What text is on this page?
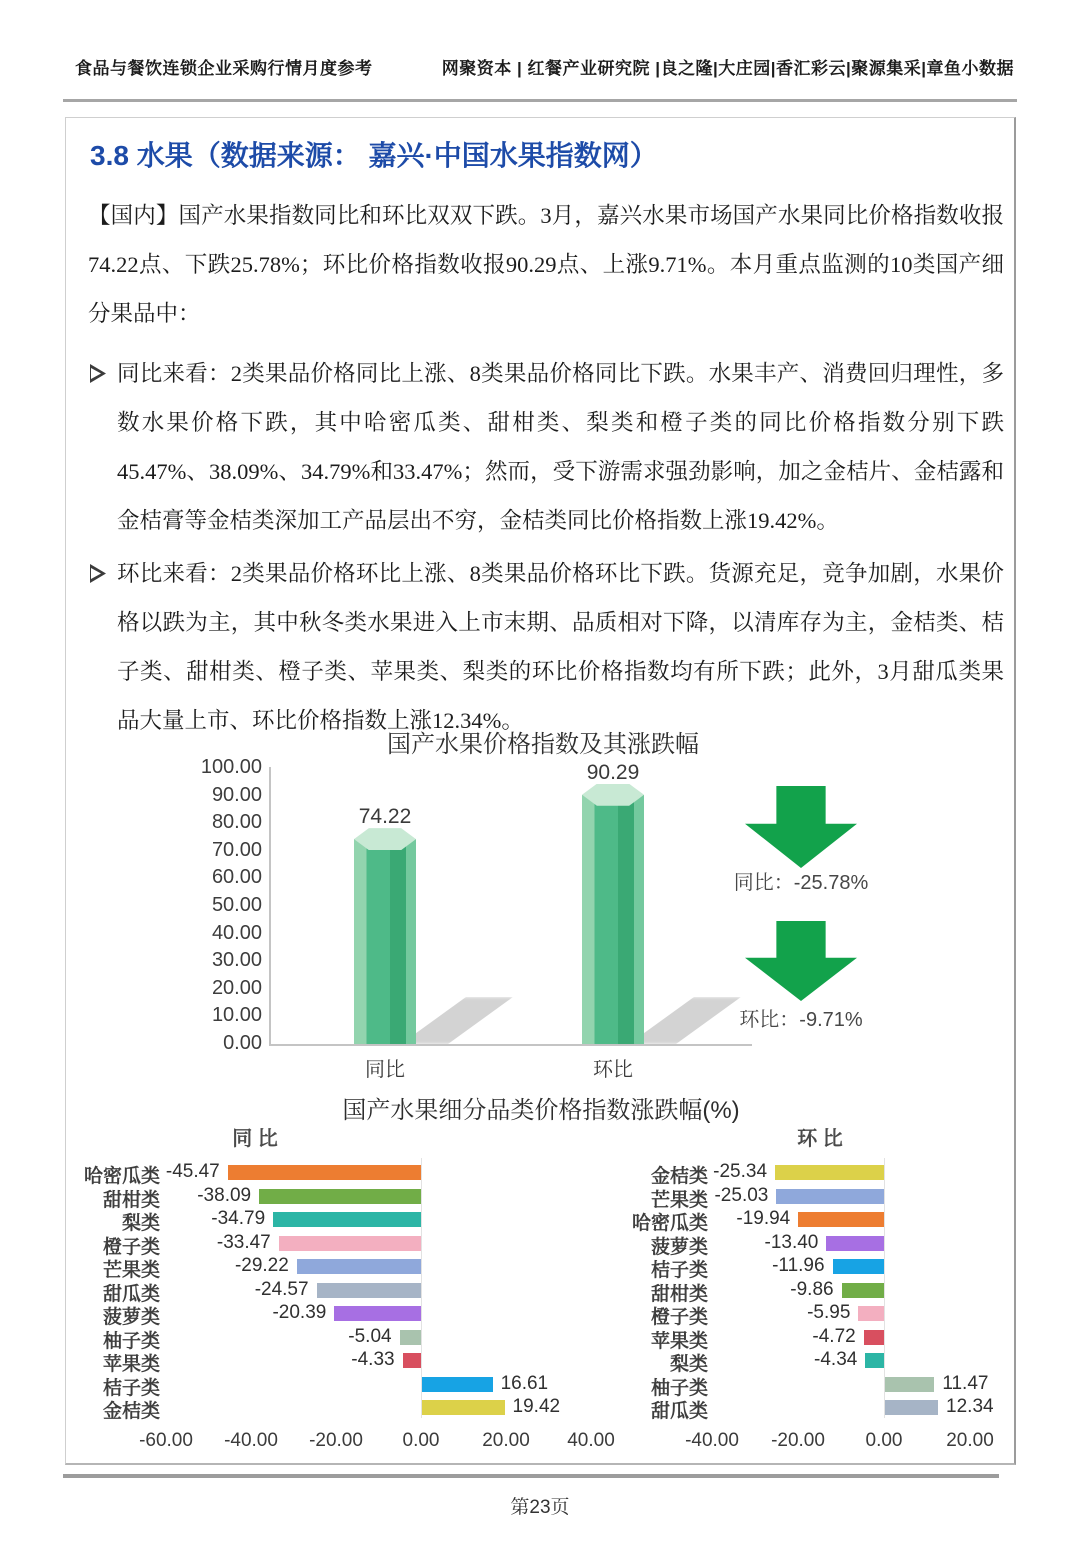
食品与餐饮连锁企业采购行情月度参考	网聚资本 | 红餐产业研究院 |良之隆|大庄园|香汇彩云|聚源集采|章鱼小数据
3.8 水果（数据来源： 嘉兴·中国水果指数网）
【国内】国产水果指数同比和环比双双下跌。3月，嘉兴水果市场国产水果同比价格指数收报74.22点、下跌25.78%；环比价格指数收报90.29点、上涨9.71%。本月重点监测的10类国产细分果品中：
同比来看：2类果品价格同比上涨、8类果品价格同比下跌。水果丰产、消费回归理性，多数水果价格下跌，其中哈密瓜类、甜柑类、梨类和橙子类的同比价格指数分别下跌45.47%、38.09%、34.79%和33.47%；然而，受下游需求强劲影响，加之金桔片、金桔露和金桔膏等金桔类深加工产品层出不穷，金桔类同比价格指数上涨19.42%。
环比来看：2类果品价格环比上涨、8类果品价格环比下跌。货源充足，竞争加剧，水果价格以跌为主，其中秋冬类水果进入上市末期、品质相对下降，以清库存为主，金桔类、桔子类、甜柑类、橙子类、苹果类、梨类的环比价格指数均有所下跌；此外，3月甜瓜类果品大量上市、环比价格指数上涨12.34%。
国产水果价格指数及其涨跌幅
同比：-25.78%
环比：-9.71%
国产水果细分品类价格指数涨跌幅(%)
同 比	环 比
第23页
0.00
10.00
20.00
30.00
40.00
50.00
60.00
70.00
80.00
90.00
100.00
74.22
同比
90.29
环比
哈密瓜类 -45.47
甜柑类	-38.09
梨类	-34.79
橙子类	-33.47
芒果类	-29.22
甜瓜类	-24.57
菠萝类	-20.39
柚子类	-5.04
苹果类	-4.33
桔子类	16.61
金桔类	19.42
-60.00	-40.00	-20.00	0.00	20.00	40.00
金桔类 -25.34
芒果类 -25.03
哈密瓜类	-19.94
菠萝类	-13.40
桔子类	-11.96
甜柑类	-9.86
橙子类	-5.95
苹果类	-4.72
梨类	-4.34
柚子类	11.47
甜瓜类	12.34
-40.00	-20.00	0.00	20.00
